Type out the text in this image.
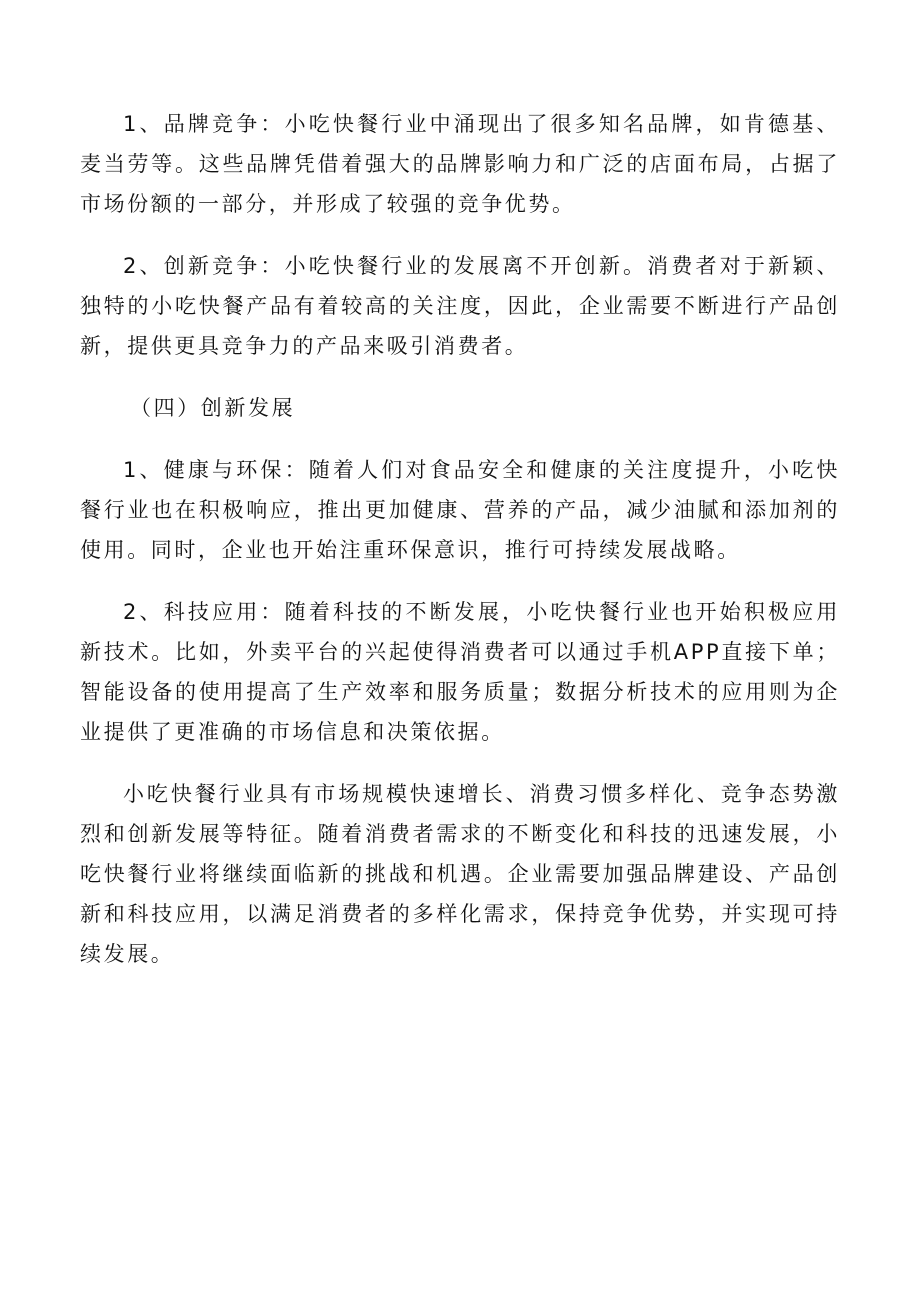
1、品牌竞争：小吃快餐行业中涌现出了很多知名品牌，如肯德基、麦当劳等。这些品牌凭借着强大的品牌影响力和广泛的店面布局，占据了市场份额的一部分，并形成了较强的竞争优势。

2、创新竞争：小吃快餐行业的发展离不开创新。消费者对于新颖、独特的小吃快餐产品有着较高的关注度，因此，企业需要不断进行产品创新，提供更具竞争力的产品来吸引消费者。

（四）创新发展

1、健康与环保：随着人们对食品安全和健康的关注度提升，小吃快餐行业也在积极响应，推出更加健康、营养的产品，减少油腻和添加剂的使用。同时，企业也开始注重环保意识，推行可持续发展战略。

2、科技应用：随着科技的不断发展，小吃快餐行业也开始积极应用新技术。比如，外卖平台的兴起使得消费者可以通过手机APP直接下单；智能设备的使用提高了生产效率和服务质量；数据分析技术的应用则为企业提供了更准确的市场信息和决策依据。

小吃快餐行业具有市场规模快速增长、消费习惯多样化、竞争态势激烈和创新发展等特征。随着消费者需求的不断变化和科技的迅速发展，小吃快餐行业将继续面临新的挑战和机遇。企业需要加强品牌建设、产品创新和科技应用，以满足消费者的多样化需求，保持竞争优势，并实现可持续发展。
